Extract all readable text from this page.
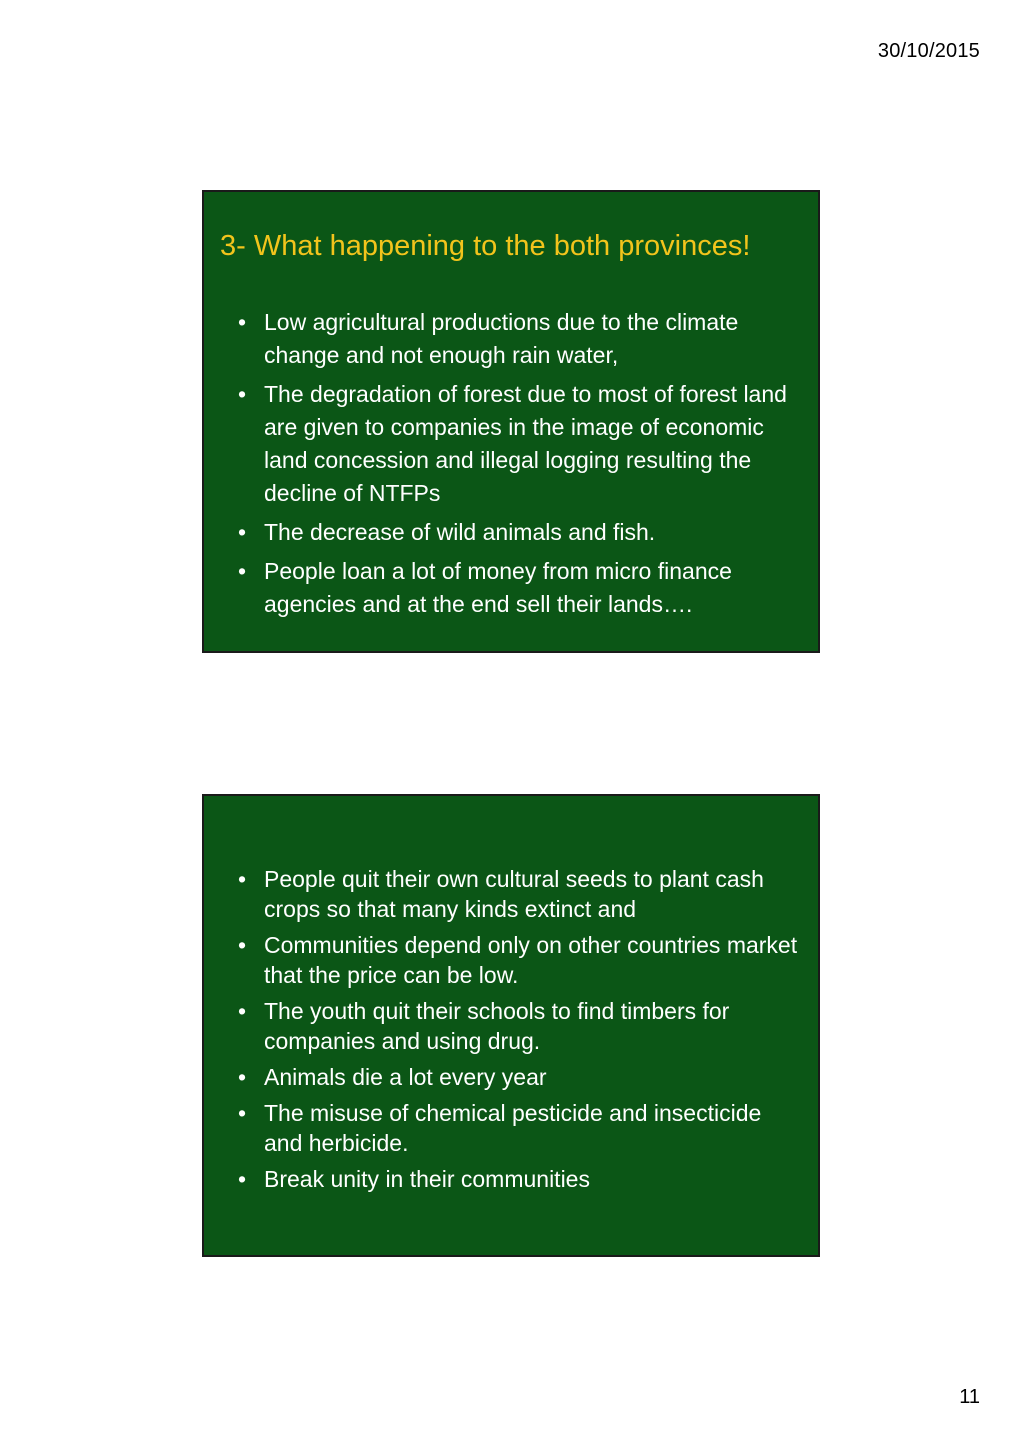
30/10/2015
3- What happening to the both provinces!
• Low agricultural productions due to the climate change and not enough rain water,
• The degradation of forest due to most of forest land are given to companies in the image of economic land concession and illegal logging resulting the decline of NTFPs
• The decrease of wild animals and fish.
• People loan a lot of money from micro finance agencies and at the end sell their lands….
• People quit their own cultural seeds to plant cash crops so that many kinds extinct and
• Communities depend only on other countries market that the price can be low.
• The youth quit their schools to find timbers for companies and using drug.
• Animals die a lot every year
• The misuse of chemical pesticide and insecticide and herbicide.
• Break unity in their communities
11
